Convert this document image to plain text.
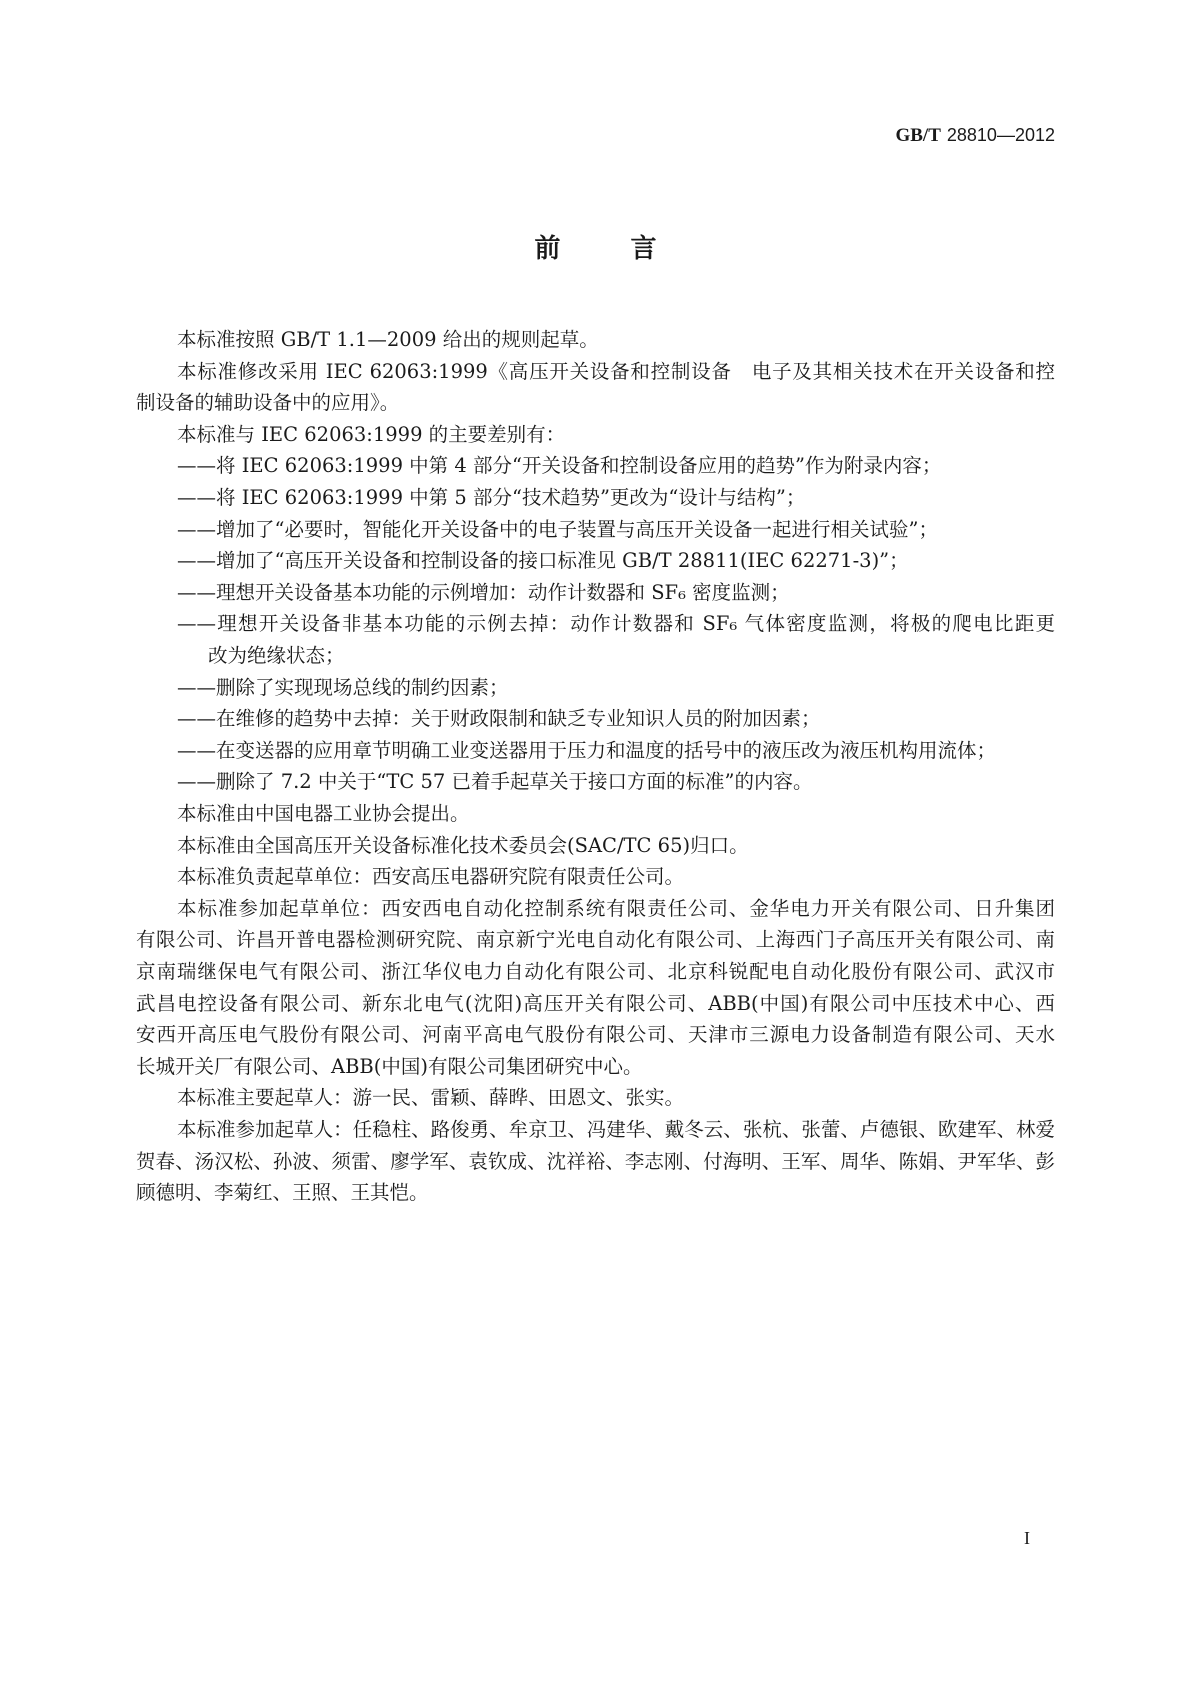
GB/T 28810—2012
前言
本标准按照 GB/T 1.1—2009 给出的规则起草。
本标准修改采用 IEC 62063:1999《高压开关设备和控制设备　电子及其相关技术在开关设备和控
制设备的辅助设备中的应用》。
本标准与 IEC 62063:1999 的主要差别有：
——将 IEC 62063:1999 中第 4 部分“开关设备和控制设备应用的趋势”作为附录内容；
——将 IEC 62063:1999 中第 5 部分“技术趋势”更改为“设计与结构”；
——增加了“必要时，智能化开关设备中的电子装置与高压开关设备一起进行相关试验”；
——增加了“高压开关设备和控制设备的接口标准见 GB/T 28811(IEC 62271-3)”；
——理想开关设备基本功能的示例增加：动作计数器和 SF₆ 密度监测；
——理想开关设备非基本功能的示例去掉：动作计数器和 SF₆ 气体密度监测，将极的爬电比距更
改为绝缘状态；
——删除了实现现场总线的制约因素；
——在维修的趋势中去掉：关于财政限制和缺乏专业知识人员的附加因素；
——在变送器的应用章节明确工业变送器用于压力和温度的括号中的液压改为液压机构用流体；
——删除了 7.2 中关于“TC 57 已着手起草关于接口方面的标准”的内容。
本标准由中国电器工业协会提出。
本标准由全国高压开关设备标准化技术委员会(SAC/TC 65)归口。
本标准负责起草单位：西安高压电器研究院有限责任公司。
本标准参加起草单位：西安西电自动化控制系统有限责任公司、金华电力开关有限公司、日升集团
有限公司、许昌开普电器检测研究院、南京新宁光电自动化有限公司、上海西门子高压开关有限公司、南
京南瑞继保电气有限公司、浙江华仪电力自动化有限公司、北京科锐配电自动化股份有限公司、武汉市
武昌电控设备有限公司、新东北电气(沈阳)高压开关有限公司、ABB(中国)有限公司中压技术中心、西
安西开高压电气股份有限公司、河南平高电气股份有限公司、天津市三源电力设备制造有限公司、天水
长城开关厂有限公司、ABB(中国)有限公司集团研究中心。
本标准主要起草人：游一民、雷颖、薛晔、田恩文、张实。
本标准参加起草人：任稳柱、路俊勇、牟京卫、冯建华、戴冬云、张杭、张蕾、卢德银、欧建军、林爱
贺春、汤汉松、孙波、须雷、廖学军、袁钦成、沈祥裕、李志刚、付海明、王军、周华、陈娟、尹军华、彭
顾德明、李菊红、王照、王其恺。
I
